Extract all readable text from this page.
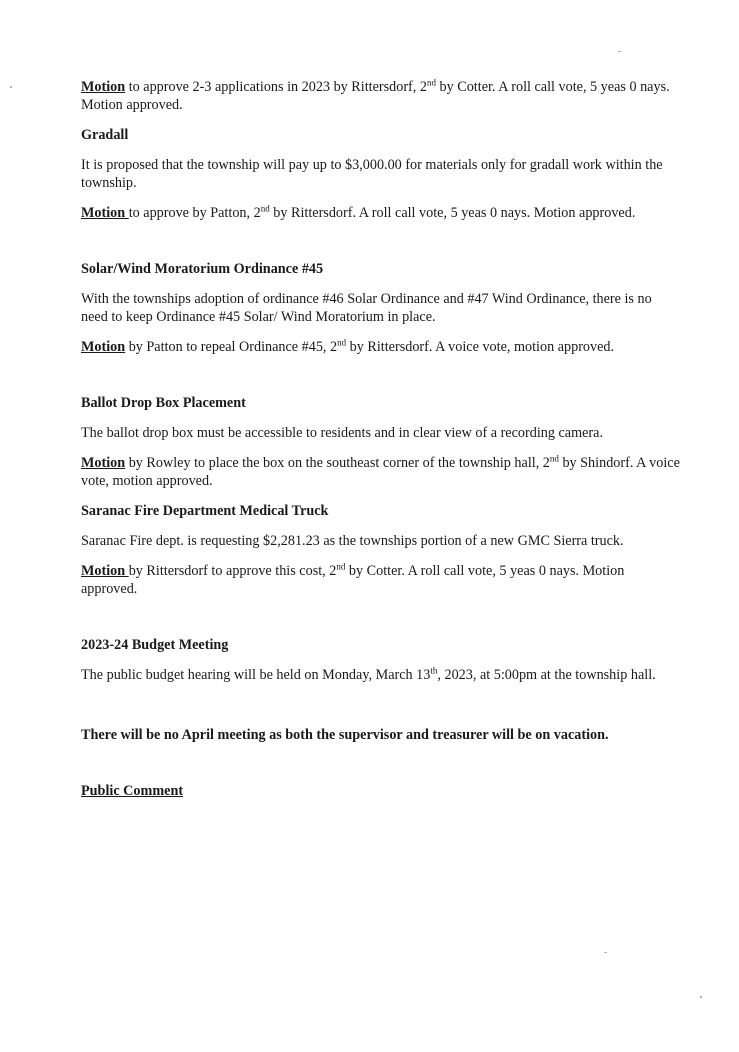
Motion to approve 2-3 applications in 2023 by Rittersdorf, 2nd by Cotter. A roll call vote, 5 yeas 0 nays. Motion approved.

Gradall

It is proposed that the township will pay up to $3,000.00 for materials only for gradall work within the township.

Motion to approve by Patton, 2nd by Rittersdorf. A roll call vote, 5 yeas 0 nays. Motion approved.

Solar/Wind Moratorium Ordinance #45

With the townships adoption of ordinance #46 Solar Ordinance and #47 Wind Ordinance, there is no need to keep Ordinance #45 Solar/ Wind Moratorium in place.

Motion by Patton to repeal Ordinance #45, 2nd by Rittersdorf. A voice vote, motion approved.

Ballot Drop Box Placement

The ballot drop box must be accessible to residents and in clear view of a recording camera.

Motion by Rowley to place the box on the southeast corner of the township hall, 2nd by Shindorf. A voice vote, motion approved.

Saranac Fire Department Medical Truck

Saranac Fire dept. is requesting $2,281.23 as the townships portion of a new GMC Sierra truck.

Motion by Rittersdorf to approve this cost, 2nd by Cotter. A roll call vote, 5 yeas 0 nays. Motion approved.

2023-24 Budget Meeting

The public budget hearing will be held on Monday, March 13th, 2023, at 5:00pm at the township hall.

There will be no April meeting as both the supervisor and treasurer will be on vacation.

Public Comment
